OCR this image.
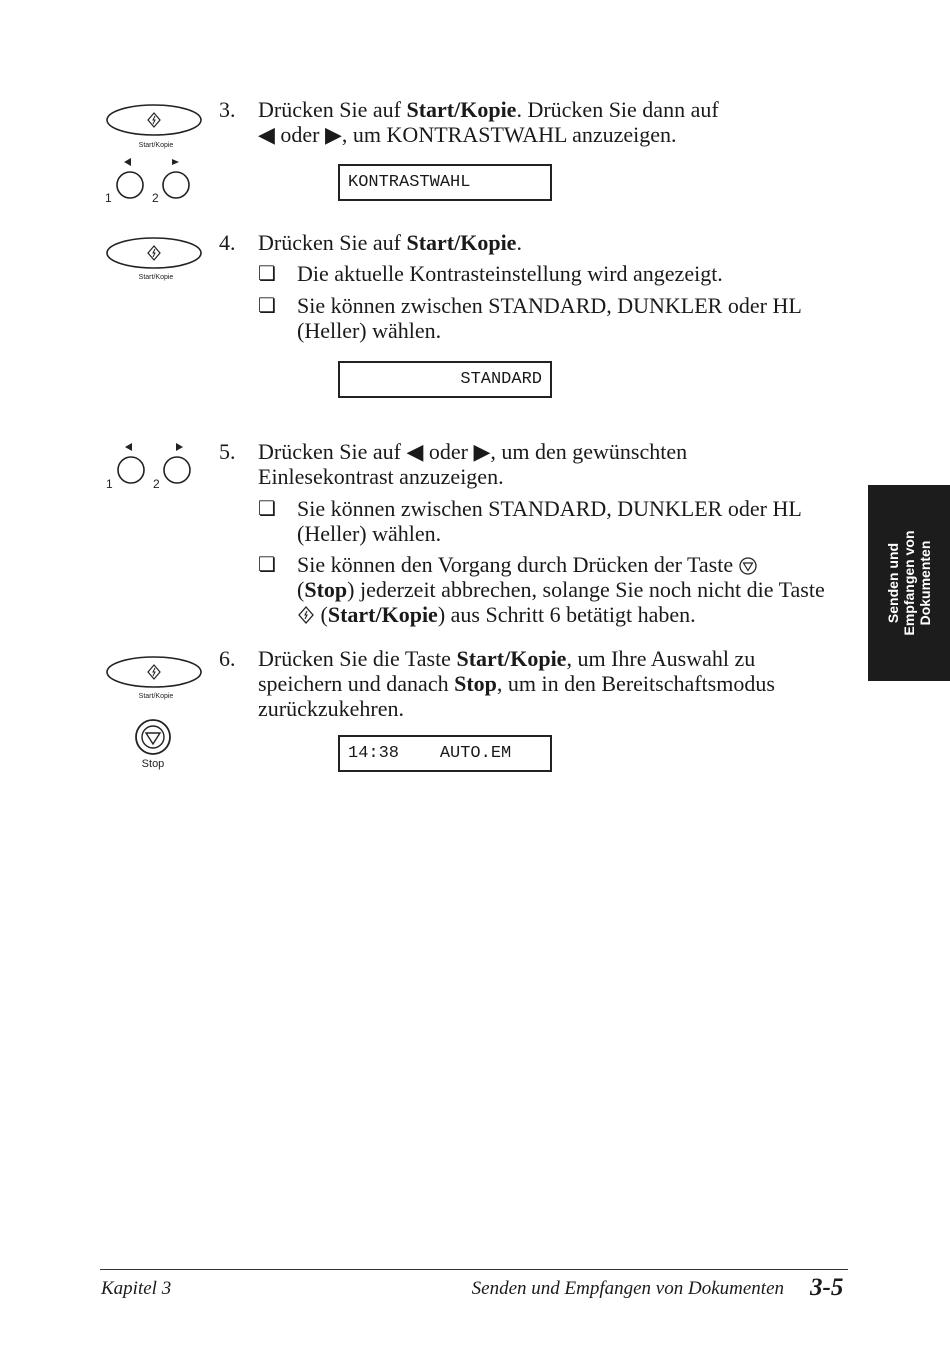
Start/Kopie
1	2
3. Drücken Sie auf Start/Kopie. Drücken Sie dann auf
◀ oder ▶, um KONTRASTWAHL anzuzeigen.
KONTRASTWAHL
Start/Kopie
4. Drücken Sie auf Start/Kopie.
❏ Die aktuelle Kontrasteinstellung wird angezeigt.
❏ Sie können zwischen STANDARD, DUNKLER oder HL (Heller) wählen.
STANDARD
1	2
5. Drücken Sie auf ◀ oder ▶, um den gewünschten Einlesekontrast anzuzeigen.
❏ Sie können zwischen STANDARD, DUNKLER oder HL (Heller) wählen.
❏ Sie können den Vorgang durch Drücken der Taste
(Stop) jederzeit abbrechen, solange Sie noch nicht die Taste  (Start/Kopie) aus Schritt 6 betätigt haben.
Start/Kopie
Stop
6. Drücken Sie die Taste Start/Kopie, um Ihre Auswahl zu speichern und danach Stop, um in den Bereitschaftsmodus zurückzukehren.
14:38    AUTO.EM
Senden und Empfangen von Dokumenten
Kapitel 3	Senden und Empfangen von Dokumenten 3-5
